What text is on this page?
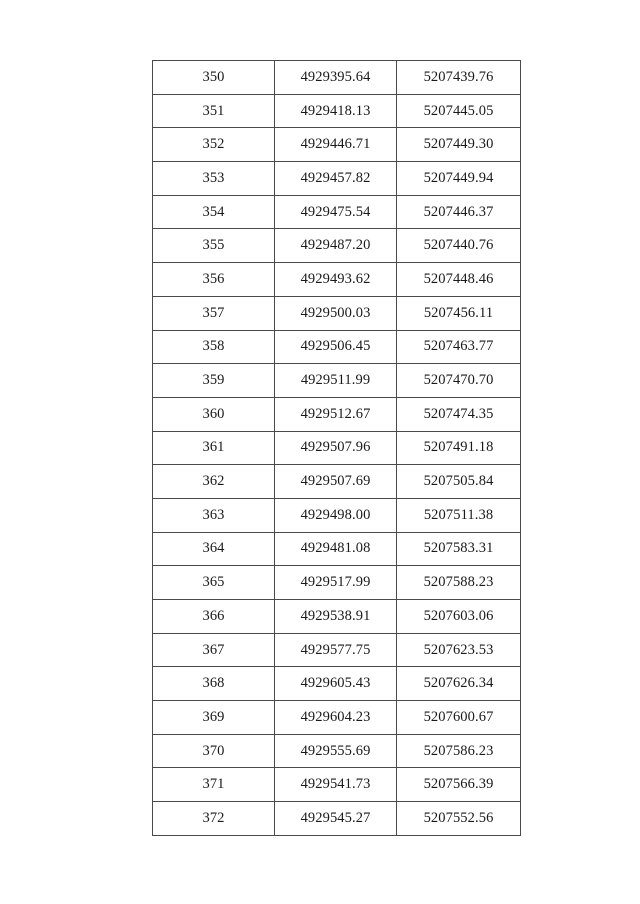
350	4929395.64	5207439.76
351	4929418.13	5207445.05
352	4929446.71	5207449.30
353	4929457.82	5207449.94
354	4929475.54	5207446.37
355	4929487.20	5207440.76
356	4929493.62	5207448.46
357	4929500.03	5207456.11
358	4929506.45	5207463.77
359	4929511.99	5207470.70
360	4929512.67	5207474.35
361	4929507.96	5207491.18
362	4929507.69	5207505.84
363	4929498.00	5207511.38
364	4929481.08	5207583.31
365	4929517.99	5207588.23
366	4929538.91	5207603.06
367	4929577.75	5207623.53
368	4929605.43	5207626.34
369	4929604.23	5207600.67
370	4929555.69	5207586.23
371	4929541.73	5207566.39
372	4929545.27	5207552.56
